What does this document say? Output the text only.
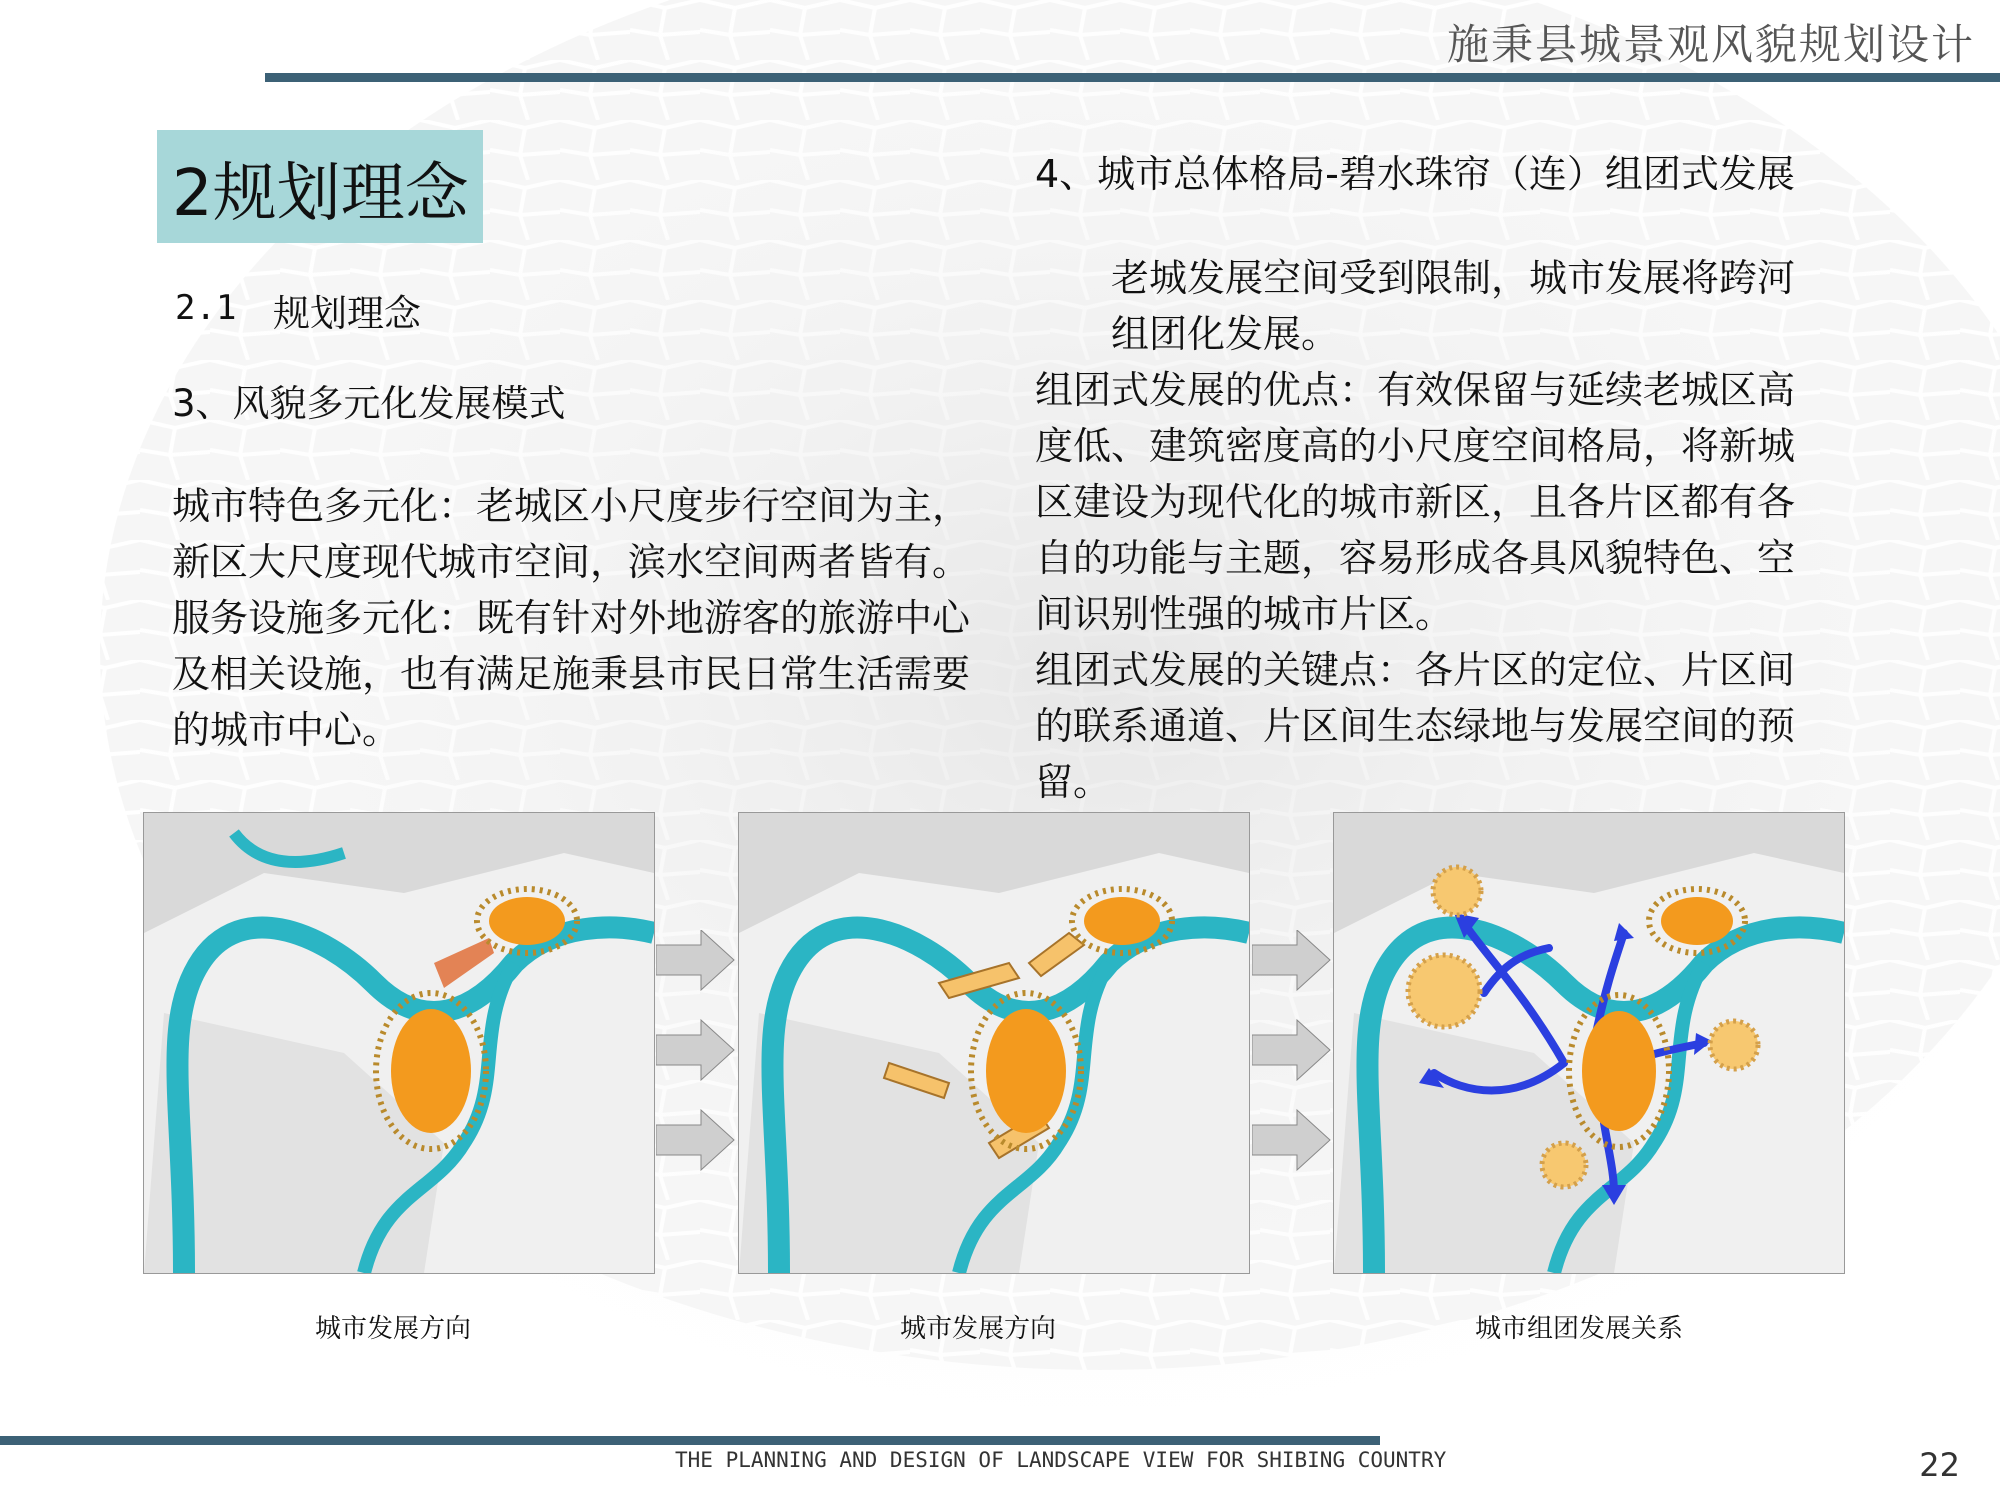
施秉县城景观风貌规划设计
2规划理念
2.1 规划理念
3、风貌多元化发展模式
城市特色多元化：老城区小尺度步行空间为主，新区大尺度现代城市空间，滨水空间两者皆有。
服务设施多元化：既有针对外地游客的旅游中心及相关设施，也有满足施秉县市民日常生活需要的城市中心。
4、城市总体格局-碧水珠帘（连）组团式发展
老城发展空间受到限制，城市发展将跨河组团化发展。
组团式发展的优点：有效保留与延续老城区高度低、建筑密度高的小尺度空间格局，将新城区建设为现代化的城市新区，且各片区都有各自的功能与主题，容易形成各具风貌特色、空间识别性强的城市片区。
组团式发展的关键点：各片区的定位、片区间的联系通道、片区间生态绿地与发展空间的预留。
城市发展方向	城市发展方向	城市组团发展关系
THE PLANNING AND DESIGN OF LANDSCAPE VIEW FOR SHIBING COUNTRY	22
